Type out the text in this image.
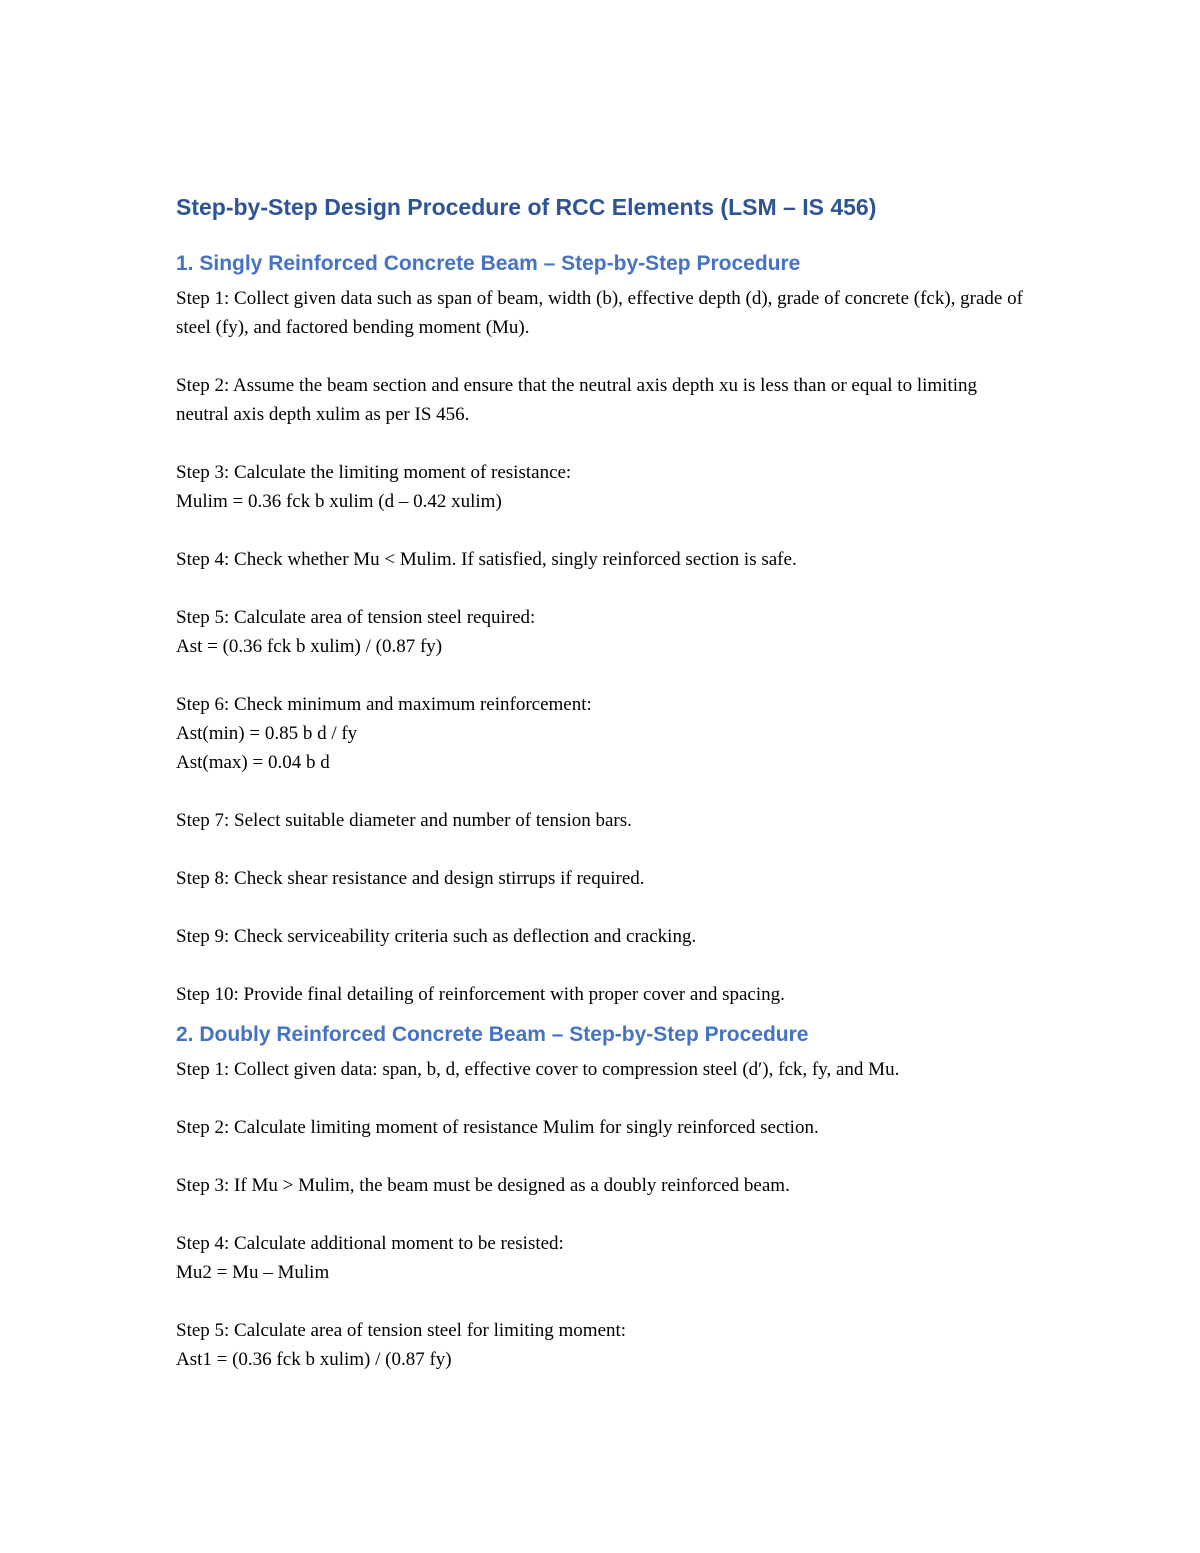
Step-by-Step Design Procedure of RCC Elements (LSM – IS 456)
1. Singly Reinforced Concrete Beam – Step-by-Step Procedure

Step 1: Collect given data such as span of beam, width (b), effective depth (d), grade of concrete (fck), grade of steel (fy), and factored bending moment (Mu).

Step 2: Assume the beam section and ensure that the neutral axis depth xu is less than or equal to limiting neutral axis depth xulim as per IS 456.

Step 3: Calculate the limiting moment of resistance:
Mulim = 0.36 fck b xulim (d – 0.42 xulim)

Step 4: Check whether Mu < Mulim. If satisfied, singly reinforced section is safe.

Step 5: Calculate area of tension steel required:
Ast = (0.36 fck b xulim) / (0.87 fy)

Step 6: Check minimum and maximum reinforcement:
Ast(min) = 0.85 b d / fy
Ast(max) = 0.04 b d

Step 7: Select suitable diameter and number of tension bars.

Step 8: Check shear resistance and design stirrups if required.

Step 9: Check serviceability criteria such as deflection and cracking.

Step 10: Provide final detailing of reinforcement with proper cover and spacing.

2. Doubly Reinforced Concrete Beam – Step-by-Step Procedure

Step 1: Collect given data: span, b, d, effective cover to compression steel (d′), fck, fy, and Mu.

Step 2: Calculate limiting moment of resistance Mulim for singly reinforced section.

Step 3: If Mu > Mulim, the beam must be designed as a doubly reinforced beam.

Step 4: Calculate additional moment to be resisted:
Mu2 = Mu – Mulim

Step 5: Calculate area of tension steel for limiting moment:
Ast1 = (0.36 fck b xulim) / (0.87 fy)
